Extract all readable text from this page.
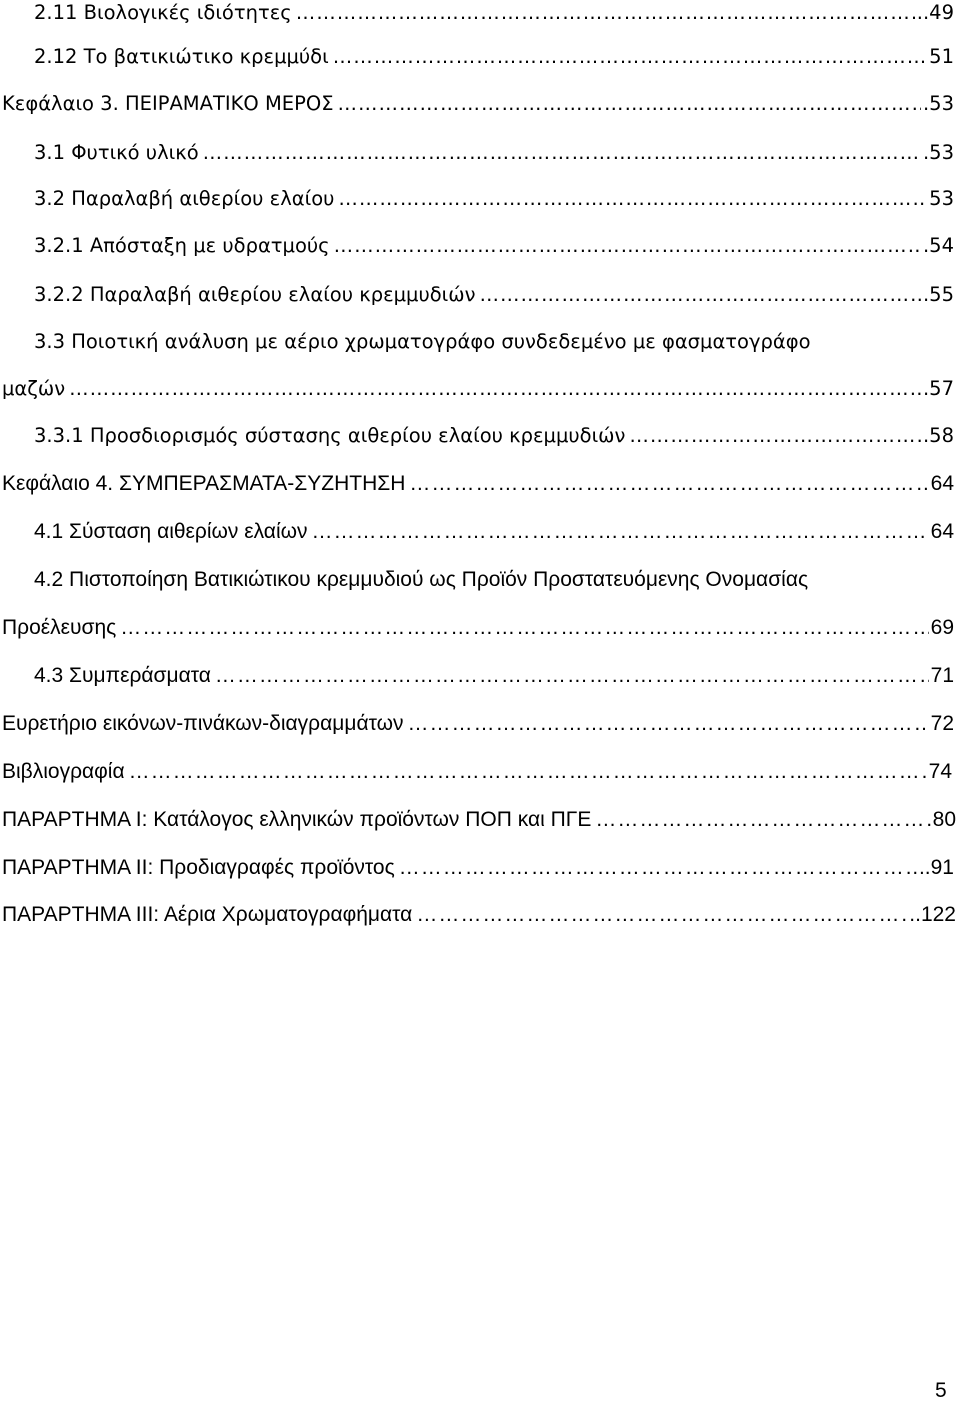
2.11 Βιολογικές ιδιότητες ……………………………………………………………………………………………………………………………………………………………………………………………………………………………………………………	..49
2.12 Το βατικιώτικο κρεμμύδι ……………………………………………………………………………………………………………………………………………………………………………………………………………………………………………………	51
Κεφάλαιο 3. ΠΕΙΡΑΜΑΤΙΚΟ ΜΕΡΟΣ ……………………………………………………………………………………………………………………………………………………………………………………………………………………………………………………	.53
3.1 Φυτικό υλικό ……………………………………………………………………………………………………………………………………………………………………………………………………………………………………………………	.53
3.2 Παραλαβή αιθερίου ελαίου ……………………………………………………………………………………………………………………………………………………………………………………………………………………………………………………	53
3.2.1 Απόσταξη με υδρατμούς ……………………………………………………………………………………………………………………………………………………………………………………………………………………………………………………	.54
3.2.2 Παραλαβή αιθερίου ελαίου κρεμμυδιών ……………………………………………………………………………………………………………………………………………………………………………………………………………………………………………………	.55
3.3 Ποιοτική ανάλυση με αέριο χρωματογράφο συνδεδεμένο με φασματογράφο
μαζών ……………………………………………………………………………………………………………………………………………………………………………………………………………………………………………………	.57
3.3.1 Προσδιορισμός σύστασης αιθερίου ελαίου κρεμμυδιών ……………………………………………………………………………………………………………………………………………………………………………………………………………………………………………………	.58
Κεφάλαιο 4. ΣΥΜΠΕΡΑΣΜΑΤΑ-ΣΥΖΗΤΗΣΗ ……………………………………………………………………………………………………………………………………………………………………………………………………………………………………………………	64
4.1 Σύσταση αιθερίων ελαίων ……………………………………………………………………………………………………………………………………………………………………………………………………………………………………………………	64
4.2 Πιστοποίηση Βατικιώτικου κρεμμυδιού ως Προϊόν Προστατευόμενης Ονομασίας
Προέλευσης ……………………………………………………………………………………………………………………………………………………………………………………………………………………………………………………	69
4.3 Συμπεράσματα ……………………………………………………………………………………………………………………………………………………………………………………………………………………………………………………	71
Ευρετήριο εικόνων-πινάκων-διαγραμμάτων ……………………………………………………………………………………………………………………………………………………………………………………………………………………………………………………	72
Βιβλιογραφία ……………………………………………………………………………………………………………………………………………………………………………………………………………………………………………………	74
ΠΑΡΑΡΤΗΜΑ Ι: Κατάλογος ελληνικών προϊόντων ΠΟΠ και ΠΓΕ ……………………………………………………………………………………………………………………………………………………………………………………………………………………………………………………	80
ΠΑΡΑΡΤΗΜΑ ΙΙ: Προδιαγραφές προϊόντος ……………………………………………………………………………………………………………………………………………………………………………………………………………………………………………………	.91
ΠΑΡΑΡΤΗΜΑ ΙΙΙ: Αέρια Χρωματογραφήματα ……………………………………………………………………………………………………………………………………………………………………………………………………………………………………………………	..122
5
